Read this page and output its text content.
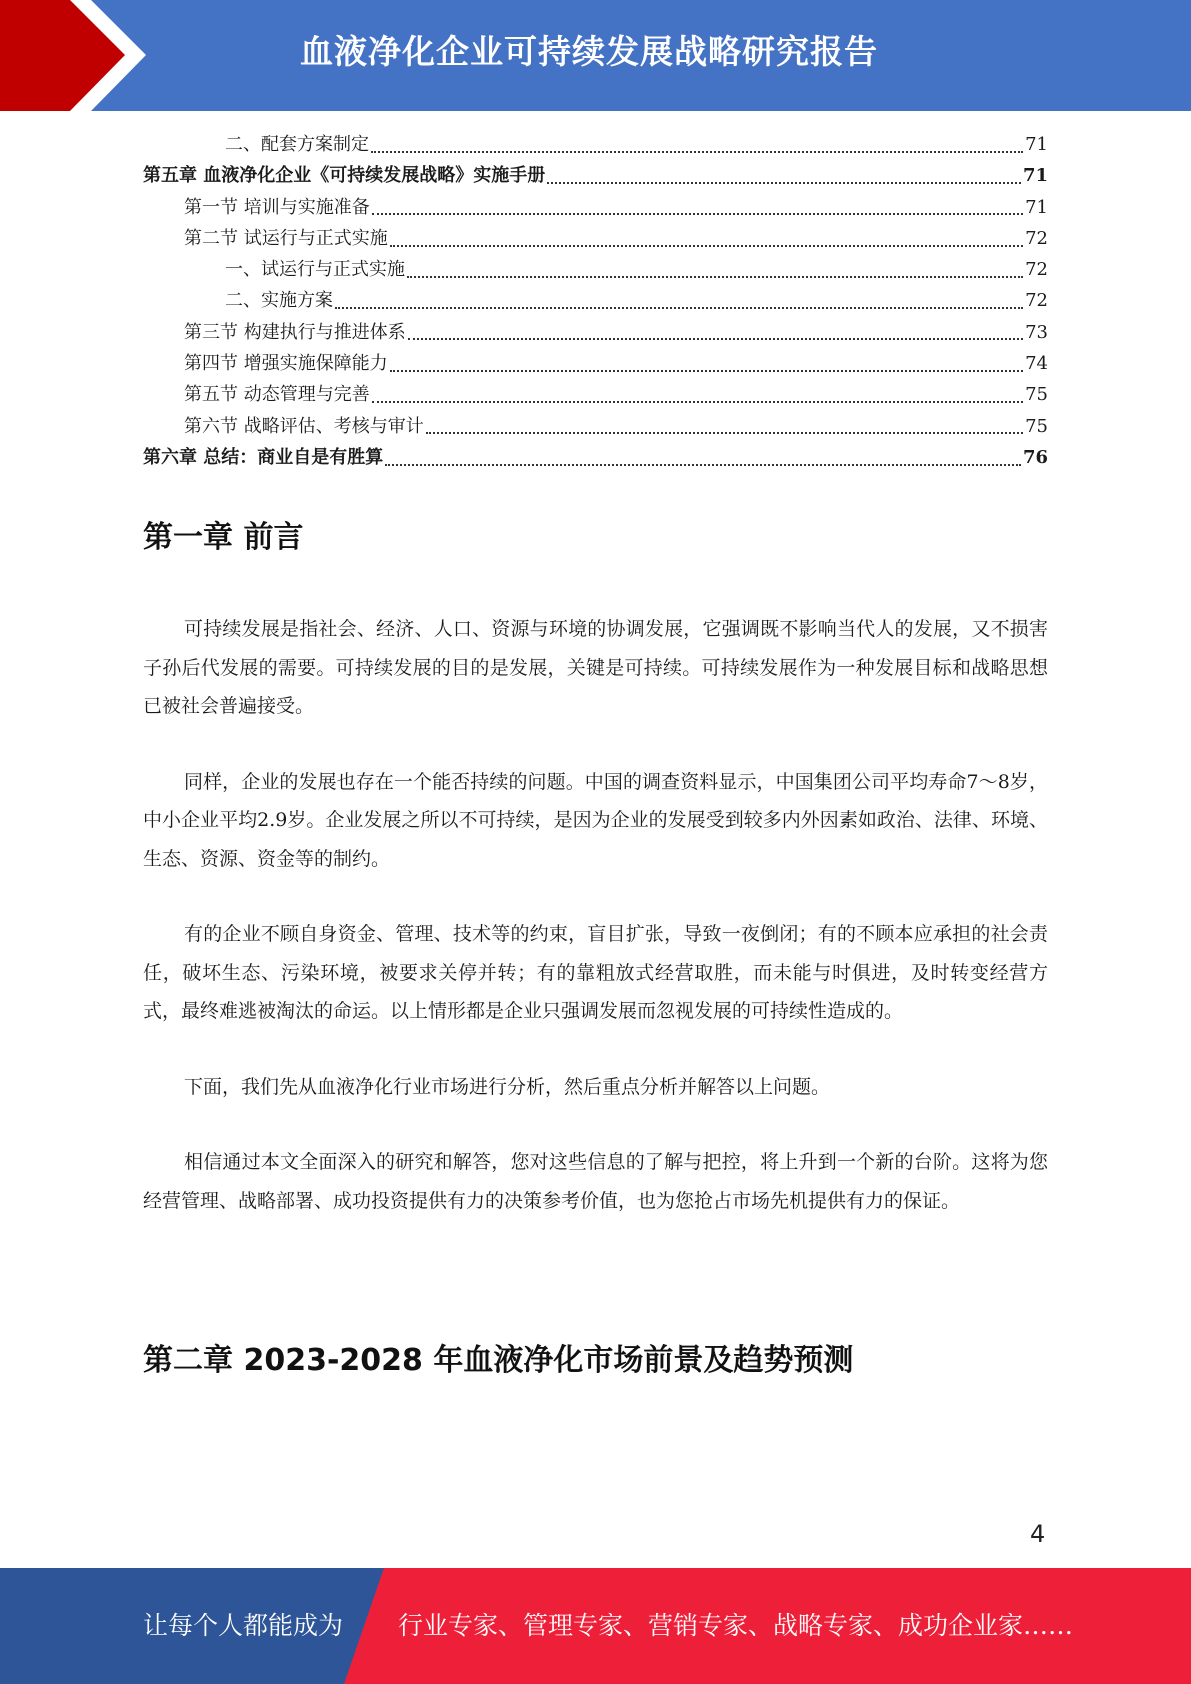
血液净化企业可持续发展战略研究报告
二、配套方案制定	71
第五章 血液净化企业《可持续发展战略》实施手册	71
第一节 培训与实施准备	71
第二节 试运行与正式实施	72
一、试运行与正式实施	72
二、实施方案	72
第三节 构建执行与推进体系	73
第四节 增强实施保障能力	74
第五节 动态管理与完善	75
第六节 战略评估、考核与审计	75
第六章 总结：商业自是有胜算	76
第一章 前言

可持续发展是指社会、经济、人口、资源与环境的协调发展，它强调既不影响当代人的发展，又不损害子孙后代发展的需要。可持续发展的目的是发展，关键是可持续。可持续发展作为一种发展目标和战略思想已被社会普遍接受。

同样，企业的发展也存在一个能否持续的问题。中国的调查资料显示，中国集团公司平均寿命7～8岁，中小企业平均2.9岁。企业发展之所以不可持续，是因为企业的发展受到较多内外因素如政治、法律、环境、生态、资源、资金等的制约。

有的企业不顾自身资金、管理、技术等的约束，盲目扩张，导致一夜倒闭；有的不顾本应承担的社会责任，破坏生态、污染环境，被要求关停并转；有的靠粗放式经营取胜，而未能与时俱进，及时转变经营方式，最终难逃被淘汰的命运。以上情形都是企业只强调发展而忽视发展的可持续性造成的。

下面，我们先从血液净化行业市场进行分析，然后重点分析并解答以上问题。

相信通过本文全面深入的研究和解答，您对这些信息的了解与把控，将上升到一个新的台阶。这将为您经营管理、战略部署、成功投资提供有力的决策参考价值，也为您抢占市场先机提供有力的保证。

第二章 2023-2028 年血液净化市场前景及趋势预测
4
让每个人都能成为 行业专家、管理专家、营销专家、战略专家、成功企业家……
